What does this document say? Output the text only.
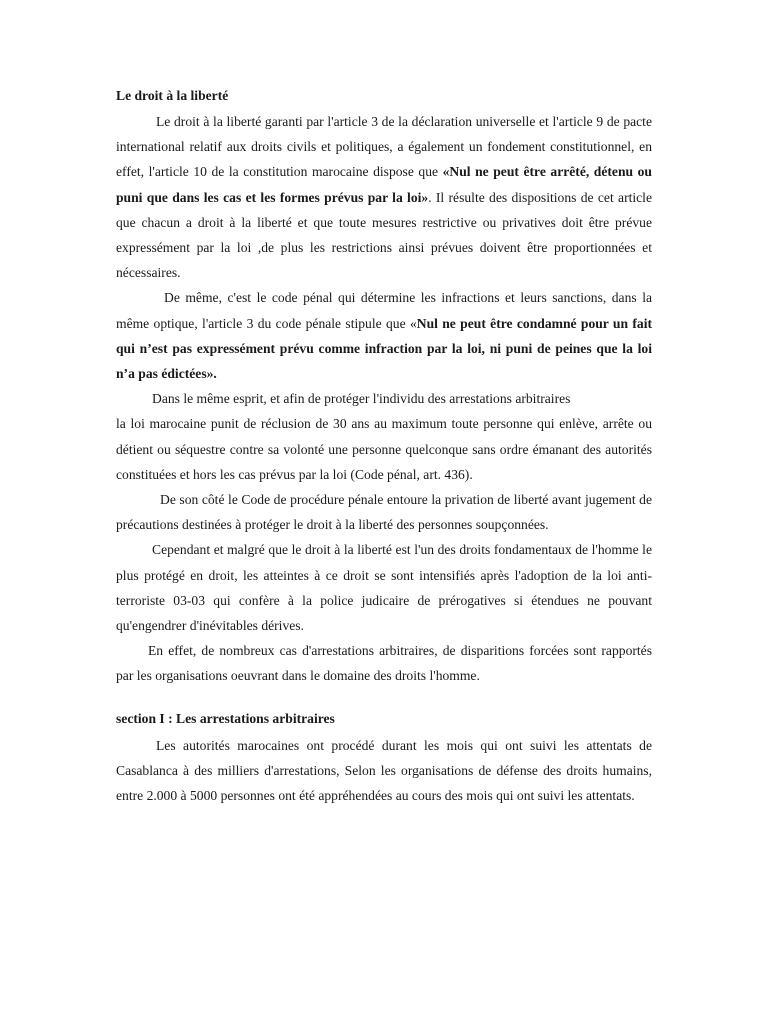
Le droit à la liberté

Le droit à la liberté garanti par l'article 3 de la déclaration universelle et l'article 9 de pacte international relatif aux droits civils et politiques, a également un fondement constitutionnel, en effet, l'article 10 de la constitution marocaine dispose que «Nul ne peut être arrêté, détenu ou puni que dans les cas et les formes prévus par la loi». Il résulte des dispositions de cet article que chacun a droit à la liberté et que toute mesures restrictive ou privatives doit être prévue expressément par la loi ,de plus les restrictions ainsi prévues doivent être proportionnées et nécessaires.

De même, c'est le code pénal qui détermine les infractions et leurs sanctions, dans la même optique, l'article 3 du code pénale stipule que «Nul ne peut être condamné pour un fait qui n’est pas expressément prévu comme infraction par la loi, ni puni de peines que la loi n’a pas édictées».

Dans le même esprit, et afin de protéger l'individu des arrestations arbitraires

la loi marocaine punit de réclusion de 30 ans au maximum toute personne qui enlève, arrête ou détient ou séquestre contre sa volonté une personne quelconque sans ordre émanant des autorités constituées et hors les cas prévus par la loi (Code pénal, art. 436).

De son côté le Code de procédure pénale entoure la privation de liberté avant jugement de précautions destinées à protéger le droit à la liberté des personnes soupçonnées.

Cependant et malgré que le droit à la liberté est l'un des droits fondamentaux de l'homme le plus protégé en droit, les atteintes à ce droit se sont intensifiés après l'adoption de la loi anti-terroriste 03-03 qui confère à la police judicaire de prérogatives si étendues ne pouvant qu'engendrer d'inévitables dérives.

En effet, de nombreux cas d'arrestations arbitraires, de disparitions forcées sont rapportés par les organisations oeuvrant dans le domaine des droits l'homme.

section I : Les arrestations arbitraires

Les autorités marocaines ont procédé durant les mois qui ont suivi les attentats de Casablanca à des milliers d'arrestations, Selon les organisations de défense des droits humains, entre 2.000 à 5000 personnes ont été appréhendées au cours des mois qui ont suivi les attentats.
